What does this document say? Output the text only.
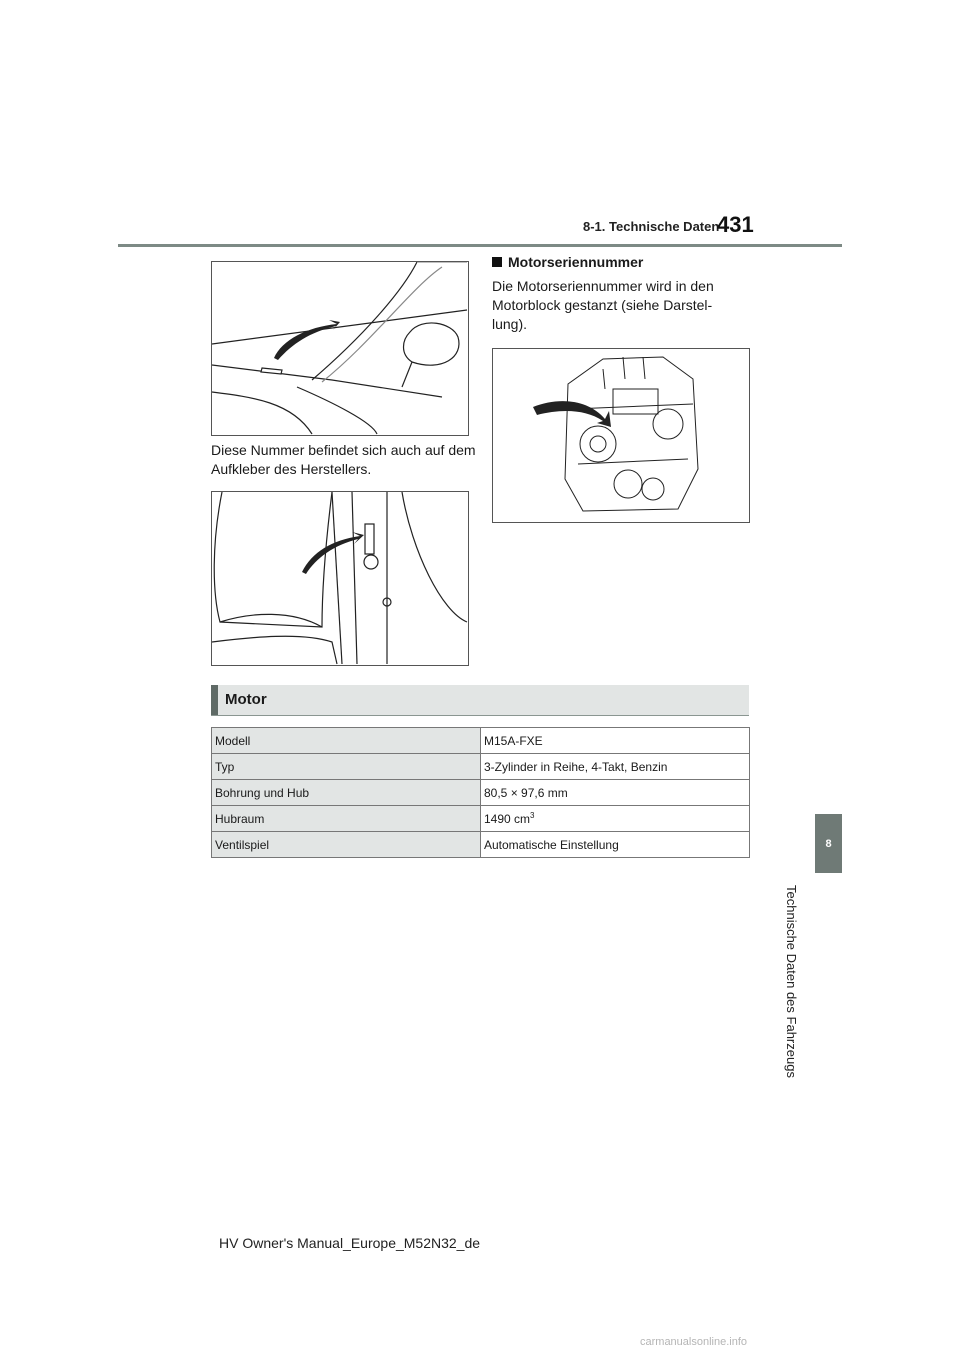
8-1. Technische Daten
431
8
Technische Daten des Fahrzeugs
Diese Nummer befindet sich auch auf dem Aufkleber des Herstellers.
Motorseriennummer
Die Motorseriennummer wird in den Motorblock gestanzt (siehe Darstel-lung).
Motor
Modell	M15A-FXE
Typ	3-Zylinder in Reihe, 4-Takt, Benzin
Bohrung und Hub	80,5 × 97,6 mm
Hubraum	1490 $cm^3$
Ventilspiel	Automatische Einstellung
HV Owner's Manual_Europe_M52N32_de
carmanualsonline.info
